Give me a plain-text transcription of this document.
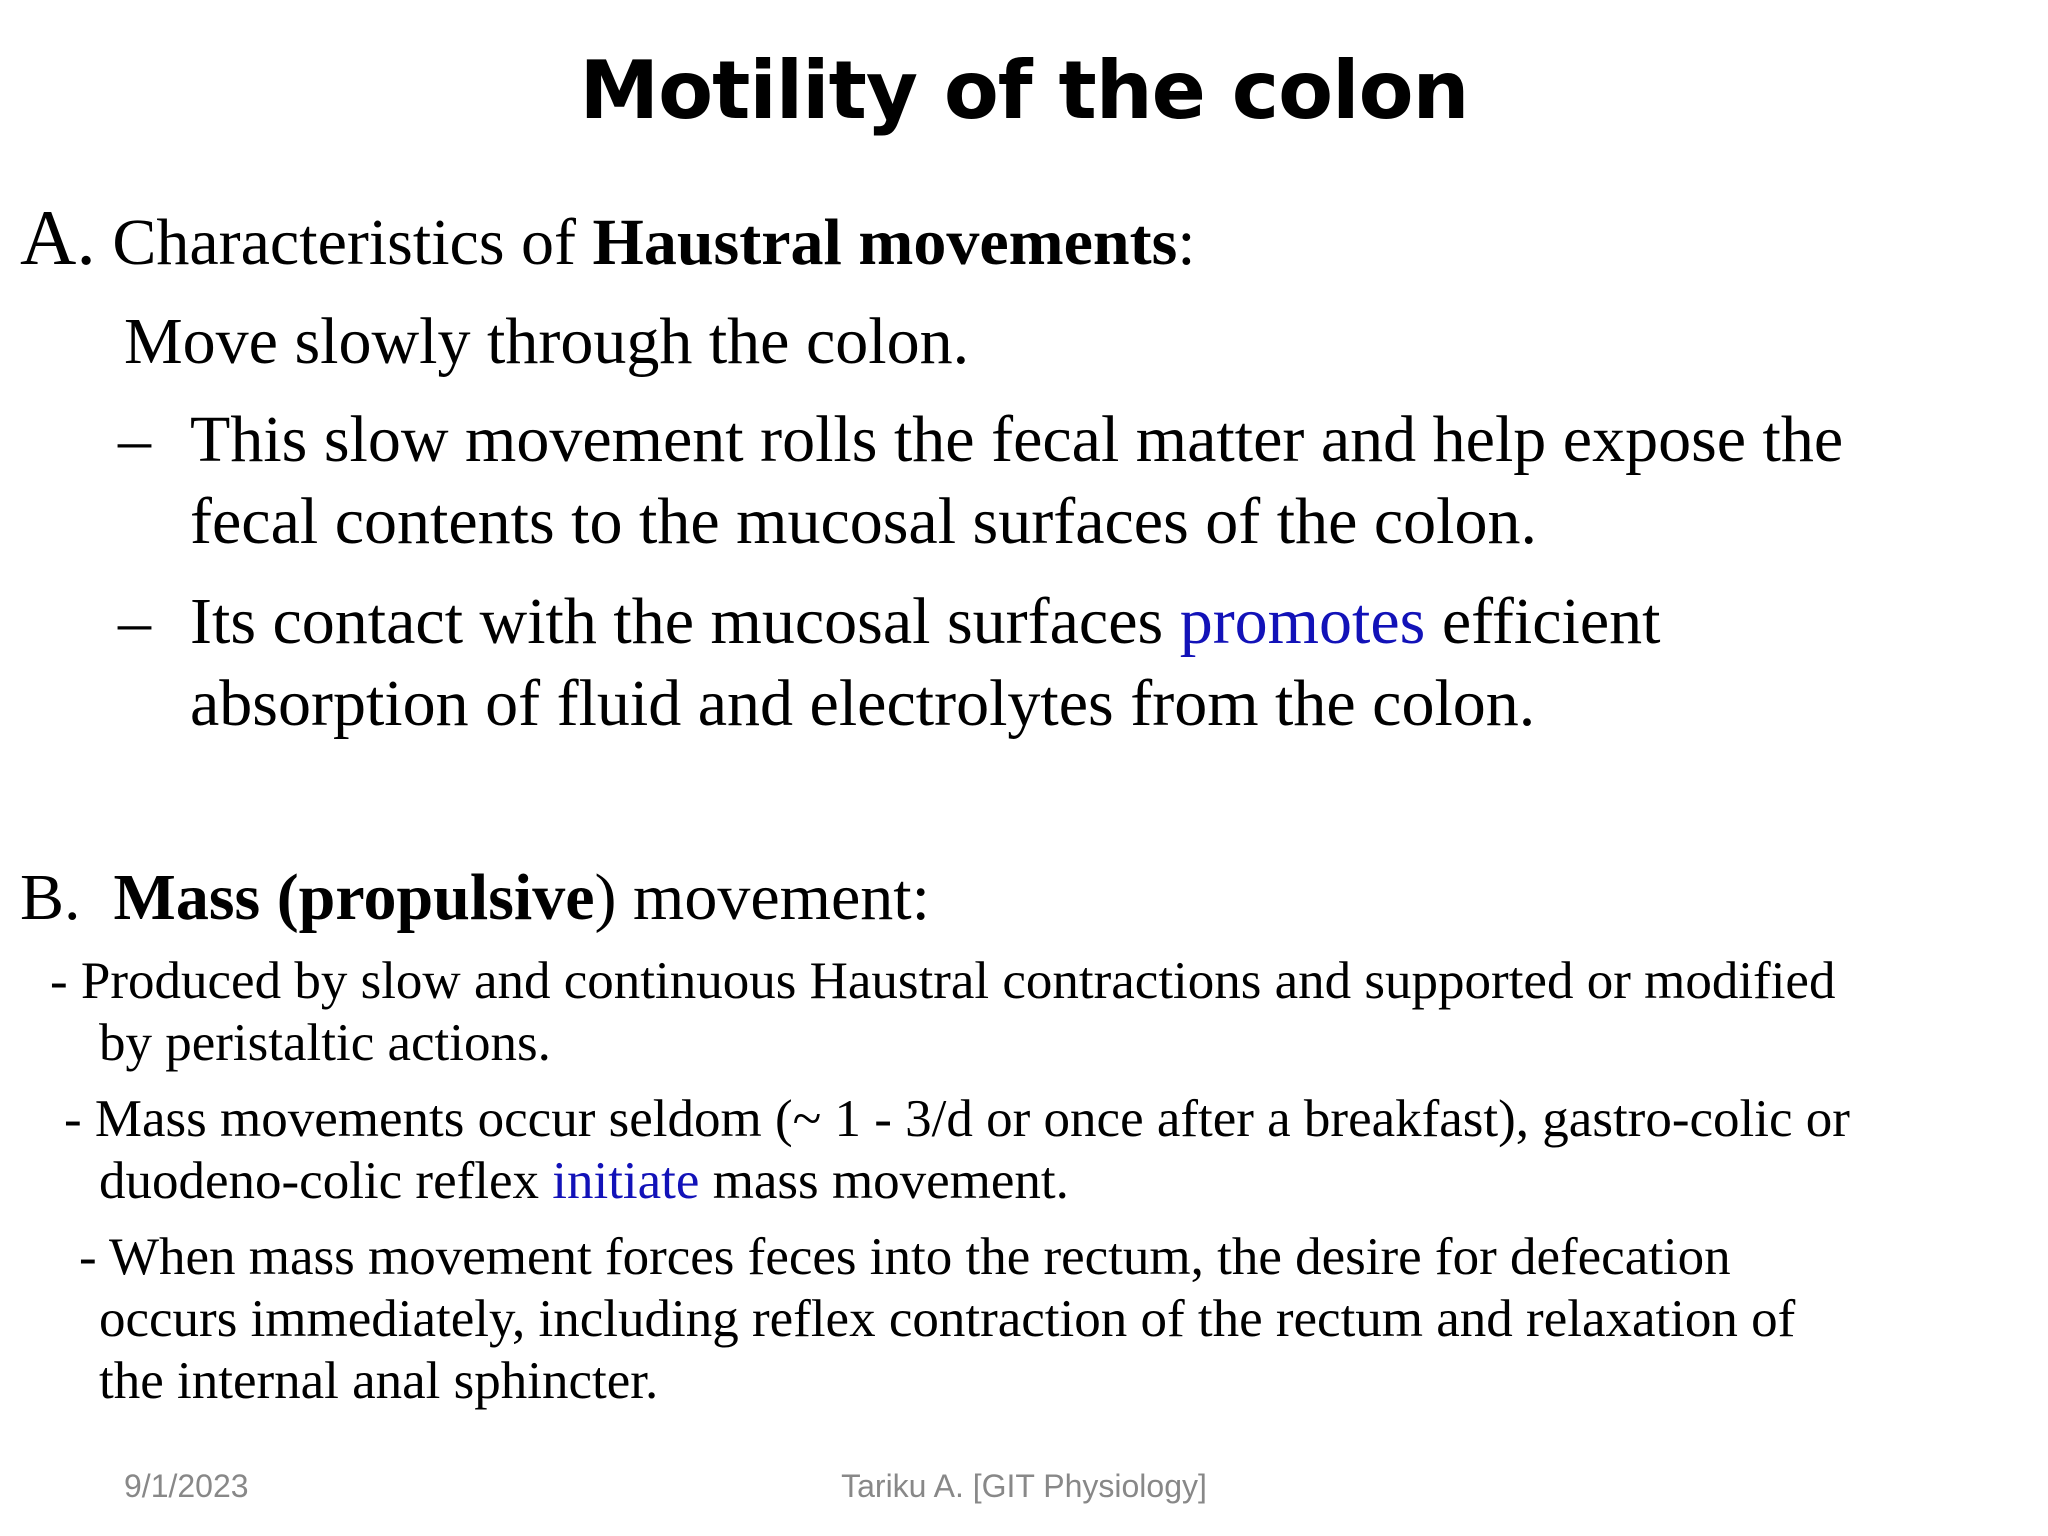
Motility of the colon
A. Characteristics of Haustral movements:
Move slowly through the colon.
– This slow movement rolls the fecal matter and help expose the
fecal contents to the mucosal surfaces of the colon.
– Its contact with the mucosal surfaces promotes efficient
absorption of fluid and electrolytes from the colon.
B. Mass (propulsive) movement:
- Produced by slow and continuous Haustral contractions and supported or modified
by peristaltic actions.
- Mass movements occur seldom (~ 1 - 3/d or once after a breakfast), gastro-colic or
duodeno-colic reflex initiate mass movement.
- When mass movement forces feces into the rectum, the desire for defecation
occurs immediately, including reflex contraction of the rectum and relaxation of
the internal anal sphincter.
9/1/2023	Tariku A. [GIT Physiology]
